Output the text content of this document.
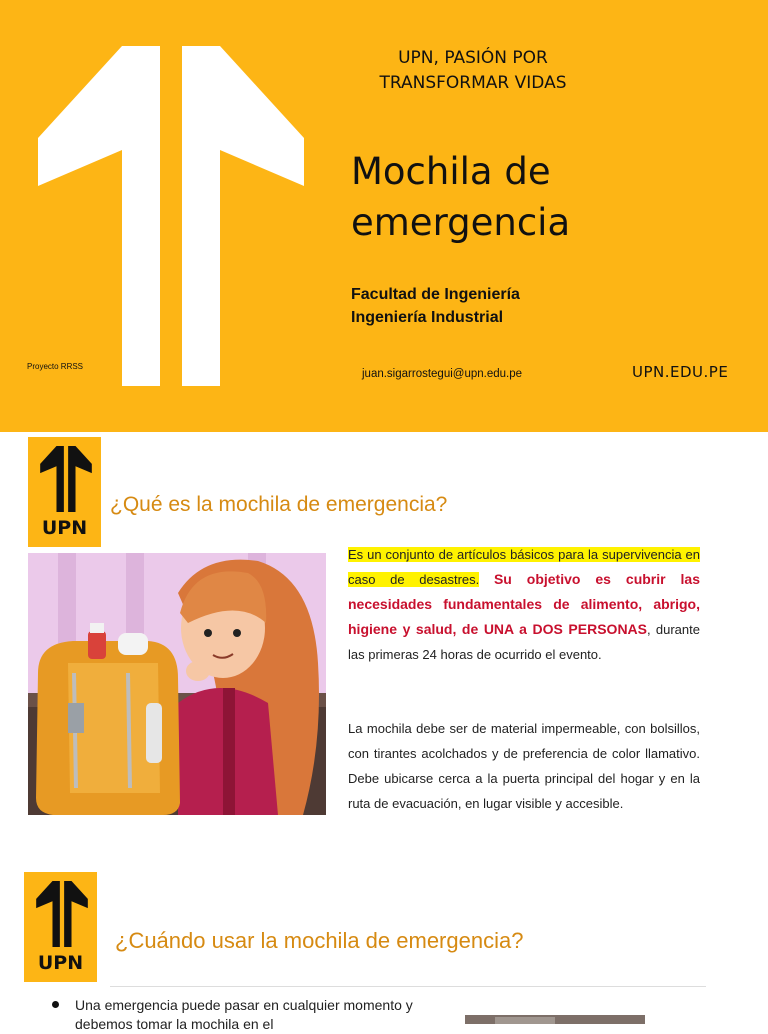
UPN, PASIÓN POR
TRANSFORMAR VIDAS
Mochila de
emergencia
Facultad de Ingeniería
Ingeniería Industrial
Proyecto RRSS
juan.sigarrostegui@upn.edu.pe	UPN.EDU.PE
UPN
¿Qué es la mochila de emergencia?
Es un conjunto de artículos básicos para la supervivencia en caso de desastres. Su objetivo es cubrir las necesidades fundamentales de alimento, abrigo, higiene y salud, de UNA a DOS PERSONAS, durante las primeras 24 horas de ocurrido el evento.
La mochila debe ser de material impermeable, con bolsillos, con tirantes acolchados y de preferencia de color llamativo. Debe ubicarse cerca a la puerta principal del hogar y en la ruta de evacuación, en lugar visible y accesible.
UPN
¿Cuándo usar la mochila de emergencia?
Una emergencia puede pasar en cualquier momento y debemos tomar la mochila en el
